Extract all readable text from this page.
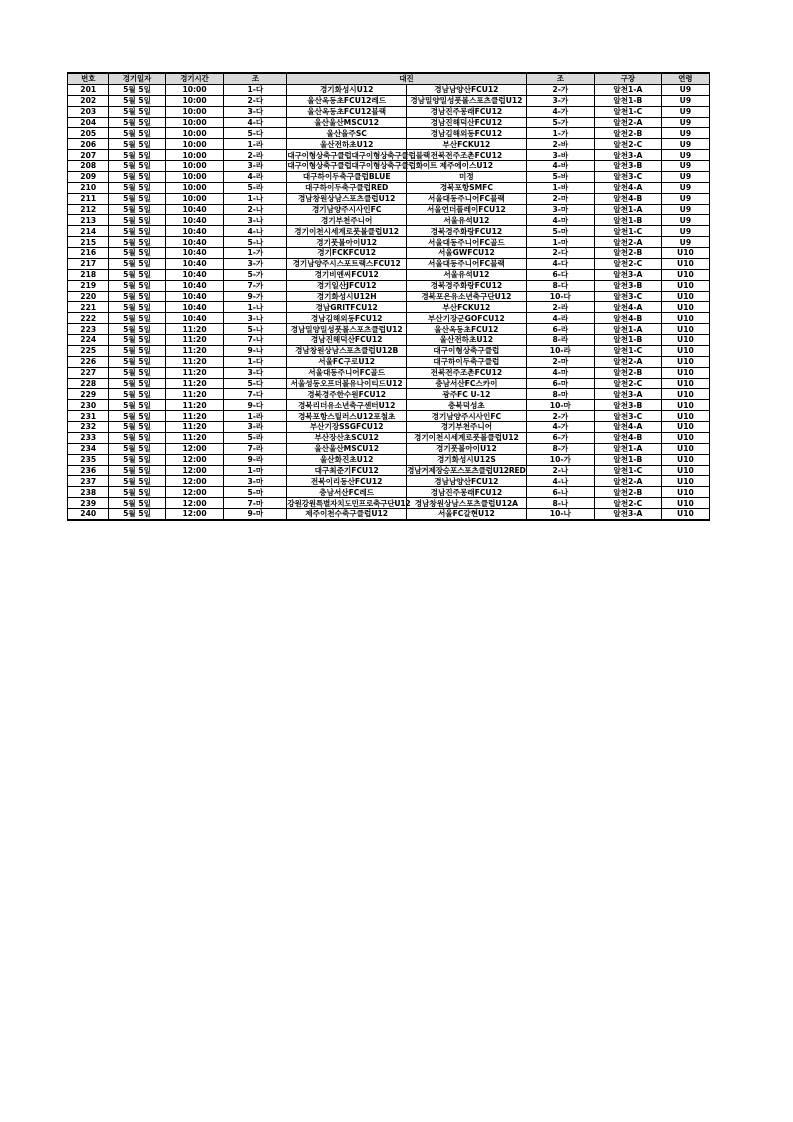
번호	경기일자	경기시간	조	대진		조	구장	연령
201	5월 5일	10:00	1-다	경기화성시U12	경남남양산FCU12	2-가	알천1-A	U9
202	5월 5일	10:00	2-다	울산옥동초FCU12레드	경남밀양밀성풋볼스포츠클럽U12	3-가	알천1-B	U9
203	5월 5일	10:00	3-다	울산옥동초FCU12블랙	경남진주몽래FCU12	4-가	알천1-C	U9
204	5월 5일	10:00	4-다	울산울산MSCU12	경남진해덕산FCU12	5-가	알천2-A	U9
205	5월 5일	10:00	5-다	울산율주SC	경남김해외동FCU12	1-가	알천2-B	U9
206	5월 5일	10:00	1-라	울산전하초U12	부산FCKU12	2-바	알천2-C	U9
207	5월 5일	10:00	2-라	대구이형상축구클럽대구이형상축구클럽블랙	전북전주조촌FCU12	3-바	알천3-A	U9
208	5월 5일	10:00	3-라	대구이형상축구클럽대구이형상축구클럽화이트	제주에이스U12	4-바	알천3-B	U9
209	5월 5일	10:00	4-라	대구하이두축구클럽BLUE	미정	5-바	알천3-C	U9
210	5월 5일	10:00	5-라	대구하이두축구클럽RED	경북포항SMFC	1-바	알천4-A	U9
211	5월 5일	10:00	1-나	경남창원상남스포츠클럽U12	서울대동주니어FC블랙	2-마	알천4-B	U9
212	5월 5일	10:40	2-나	경기남양주시사인FC	서울언더플레이FCU12	3-마	알천1-A	U9
213	5월 5일	10:40	3-나	경기부천주니어	서울유석U12	4-마	알천1-B	U9
214	5월 5일	10:40	4-나	경기이천시세계로풋볼클럽U12	경북경주화랑FCU12	5-마	알천1-C	U9
215	5월 5일	10:40	5-나	경기풋볼아이U12	서울대동주니어FC골드	1-마	알천2-A	U9
216	5월 5일	10:40	1-가	경기FCKFCU12	서울GWFCU12	2-다	알천2-B	U10
217	5월 5일	10:40	3-가	경기남양주시스포트랙스FCU12	서울대동주니어FC블랙	4-다	알천2-C	U10
218	5월 5일	10:40	5-가	경기비엔씨FCU12	서울유석U12	6-다	알천3-A	U10
219	5월 5일	10:40	7-가	경기일산JFCU12	경북경주화랑FCU12	8-다	알천3-B	U10
220	5월 5일	10:40	9-가	경기화성시U12H	경북포은유소년축구단U12	10-다	알천3-C	U10
221	5월 5일	10:40	1-나	경남GRITFCU12	부산FCKU12	2-라	알천4-A	U10
222	5월 5일	10:40	3-나	경남김해외동FCU12	부산기장군GOFCU12	4-라	알천4-B	U10
223	5월 5일	11:20	5-나	경남밀양밀성풋볼스포츠클럽U12	울산옥동초FCU12	6-라	알천1-A	U10
224	5월 5일	11:20	7-나	경남진해덕산FCU12	울산전하초U12	8-라	알천1-B	U10
225	5월 5일	11:20	9-나	경남창원상남스포츠클럽U12B	대구이형상축구클럽	10-라	알천1-C	U10
226	5월 5일	11:20	1-다	서울FC구로U12	대구하이두축구클럽	2-마	알천2-A	U10
227	5월 5일	11:20	3-다	서울대동주니어FC골드	전북전주조촌FCU12	4-마	알천2-B	U10
228	5월 5일	11:20	5-다	서울성동오프더볼유나이티드U12	충남서산FC스카이	6-마	알천2-C	U10
229	5월 5일	11:20	7-다	경북경주한수원FCU12	광주FC U-12	8-마	알천3-A	U10
230	5월 5일	11:20	9-다	경북리더유소년축구센터U12	충북덕성초	10-마	알천3-B	U10
231	5월 5일	11:20	1-라	경북포항스틸러스U12포철초	경기남양주시사인FC	2-가	알천3-C	U10
232	5월 5일	11:20	3-라	부산기장SSGFCU12	경기부천주니어	4-가	알천4-A	U10
233	5월 5일	11:20	5-라	부산장산초SCU12	경기이천시세계로풋볼클럽U12	6-가	알천4-B	U10
234	5월 5일	12:00	7-라	울산울산MSCU12	경기풋볼아이U12	8-가	알천1-A	U10
235	5월 5일	12:00	9-라	울산화진초U12	경기화성시U12S	10-가	알천1-B	U10
236	5월 5일	12:00	1-마	대구최준기FCU12	경남거제장승포스포츠클럽U12RED	2-나	알천1-C	U10
237	5월 5일	12:00	3-마	전북이리동산FCU12	경남남양산FCU12	4-나	알천2-A	U10
238	5월 5일	12:00	5-마	충남서산FC레드	경남진주몽래FCU12	6-나	알천2-B	U10
239	5월 5일	12:00	7-마	강원강원특별자치도민프로축구단U12	경남창원상남스포츠클럽U12A	8-나	알천2-C	U10
240	5월 5일	12:00	9-마	제주이천수축구클럽U12	서울FC갈현U12	10-나	알천3-A	U10
